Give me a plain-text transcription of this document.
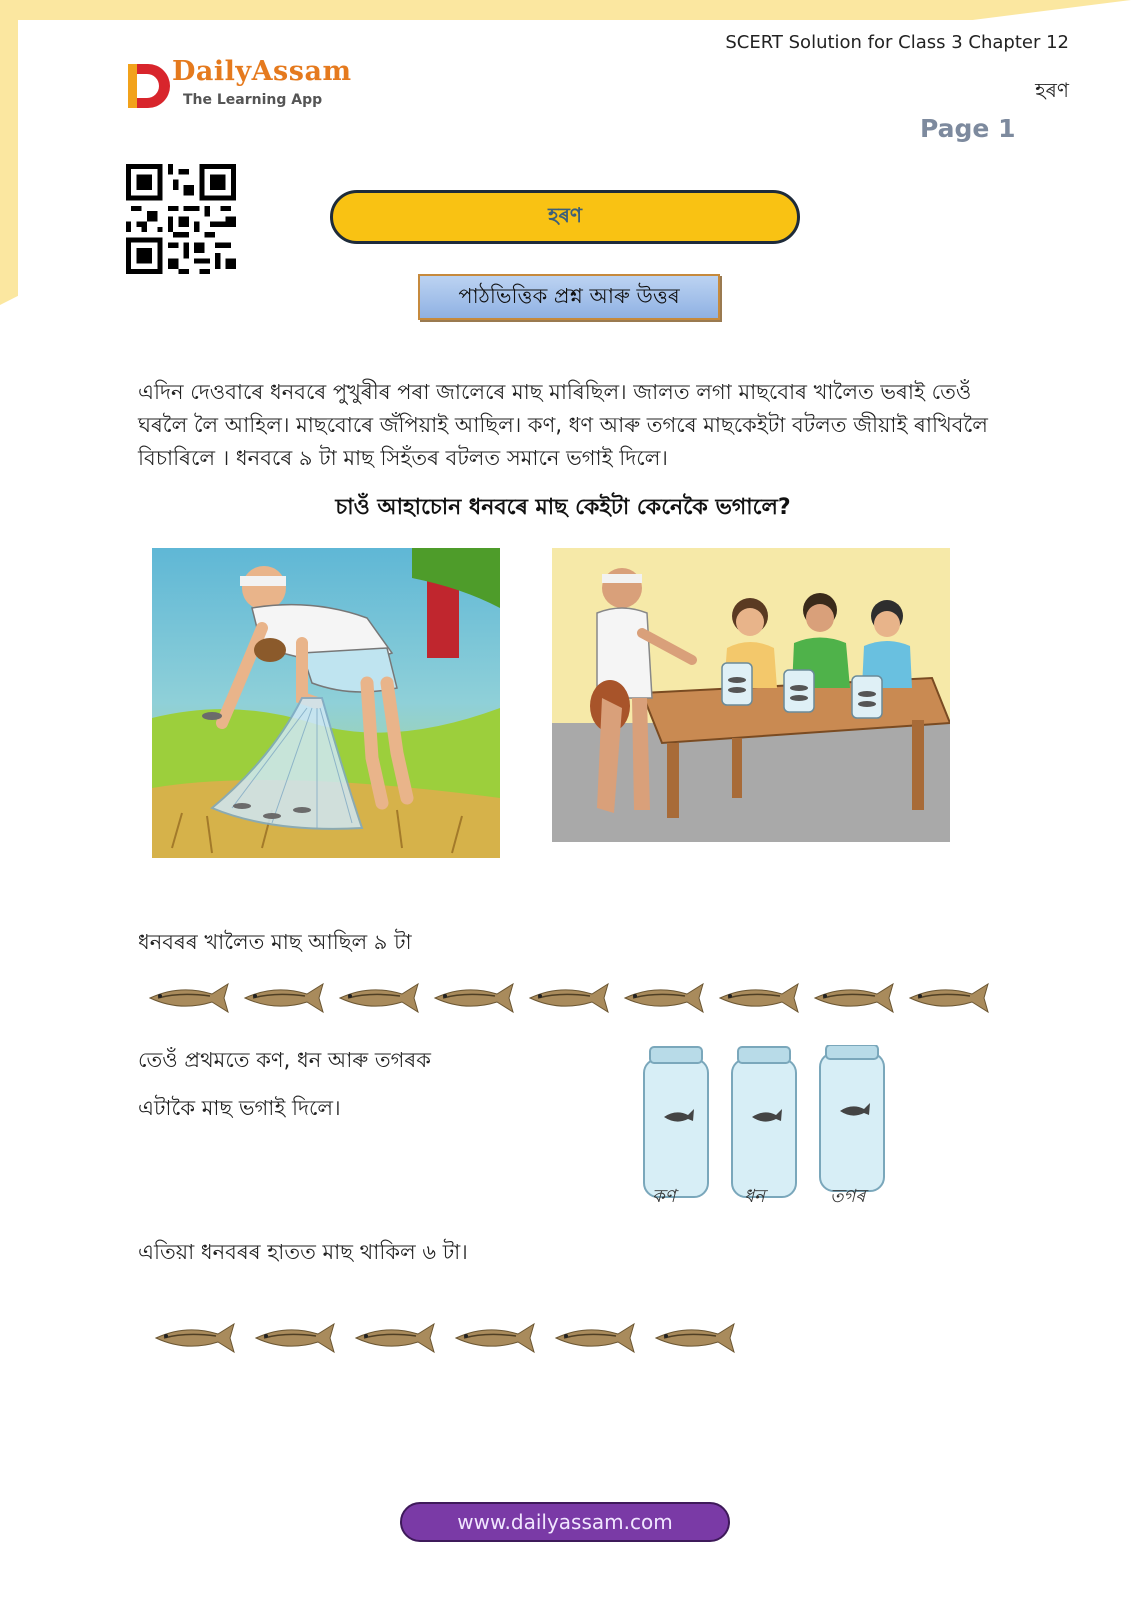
DailyAssam
The Learning App
SCERT Solution for Class 3 Chapter 12
হৰণ
Page 1
হৰণ
পাঠভিত্তিক প্ৰশ্ন আৰু উত্তৰ
এদিন দেওবাৰে ধনবৰে পুখুৰীৰ পৰা জালেৰে মাছ মাৰিছিল। জালত লগা মাছবোৰ খালৈত ভৰাই তেওঁ ঘৰলৈ লৈ আহিল। মাছবোৰে জঁপিয়াই আছিল। কণ, ধণ আৰু তগৰে মাছকেইটা বটলত জীয়াই ৰাখিবলৈ বিচাৰিলে । ধনবৰে ৯ টা মাছ সিহঁতৰ বটলত সমানে ভগাই দিলে।
চাওঁ আহাচোন ধনবৰে মাছ কেইটা কেনেকৈ ভগালে?
ধনবৰৰ খালৈত মাছ আছিল ৯ টা
তেওঁ প্ৰথমতে কণ, ধন আৰু তগৰক
এটাকৈ মাছ ভগাই দিলে।
কণ	ধন	তগৰ
এতিয়া ধনবৰৰ হাতত মাছ থাকিল ৬ টা।
www.dailyassam.com
